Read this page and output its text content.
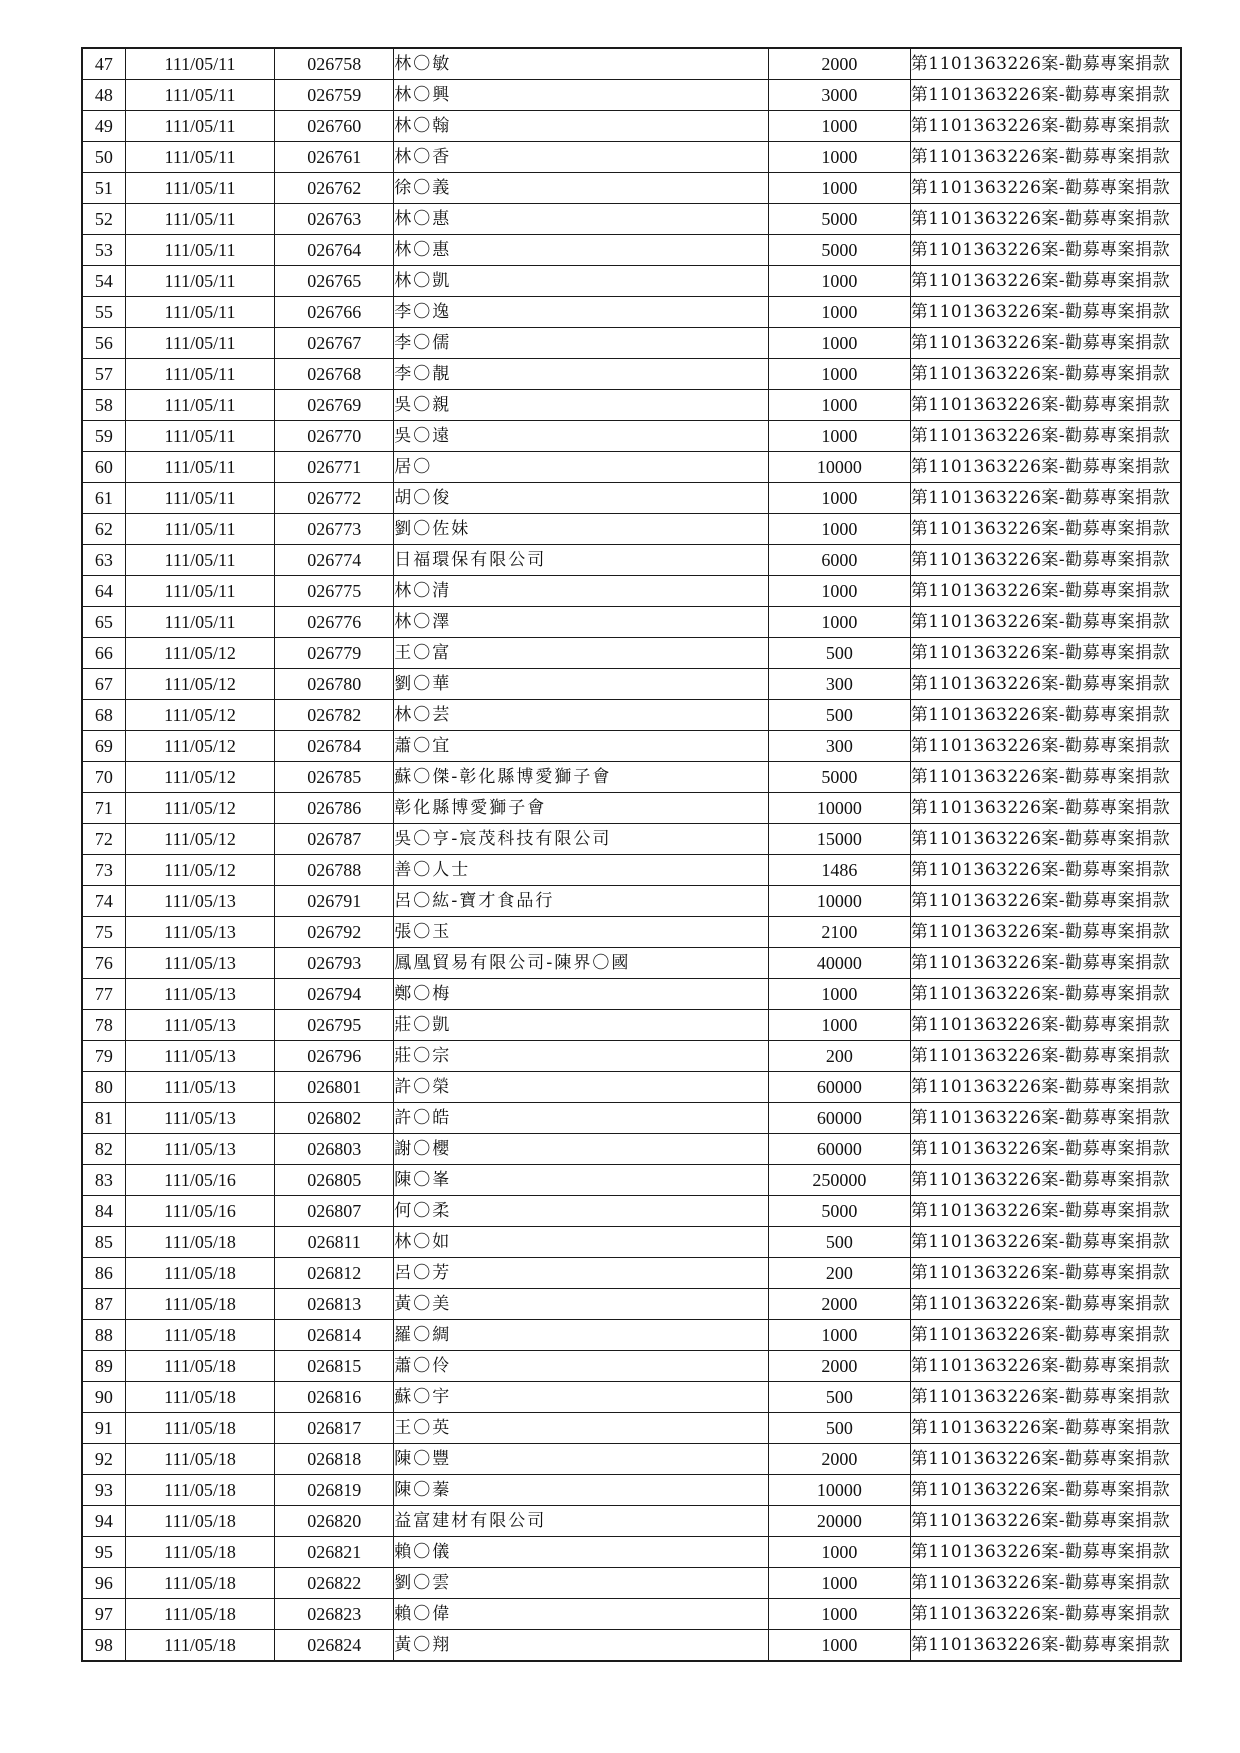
47	111/05/11	026758	林〇敏	2000	第1101363226案-勸募專案捐款
48	111/05/11	026759	林〇興	3000	第1101363226案-勸募專案捐款
49	111/05/11	026760	林〇翰	1000	第1101363226案-勸募專案捐款
50	111/05/11	026761	林〇香	1000	第1101363226案-勸募專案捐款
51	111/05/11	026762	徐〇義	1000	第1101363226案-勸募專案捐款
52	111/05/11	026763	林〇惠	5000	第1101363226案-勸募專案捐款
53	111/05/11	026764	林〇惠	5000	第1101363226案-勸募專案捐款
54	111/05/11	026765	林〇凱	1000	第1101363226案-勸募專案捐款
55	111/05/11	026766	李〇逸	1000	第1101363226案-勸募專案捐款
56	111/05/11	026767	李〇儒	1000	第1101363226案-勸募專案捐款
57	111/05/11	026768	李〇靚	1000	第1101363226案-勸募專案捐款
58	111/05/11	026769	吳〇親	1000	第1101363226案-勸募專案捐款
59	111/05/11	026770	吳〇遠	1000	第1101363226案-勸募專案捐款
60	111/05/11	026771	居〇	10000	第1101363226案-勸募專案捐款
61	111/05/11	026772	胡〇俊	1000	第1101363226案-勸募專案捐款
62	111/05/11	026773	劉〇佐妹	1000	第1101363226案-勸募專案捐款
63	111/05/11	026774	日福環保有限公司	6000	第1101363226案-勸募專案捐款
64	111/05/11	026775	林〇清	1000	第1101363226案-勸募專案捐款
65	111/05/11	026776	林〇澤	1000	第1101363226案-勸募專案捐款
66	111/05/12	026779	王〇富	500	第1101363226案-勸募專案捐款
67	111/05/12	026780	劉〇華	300	第1101363226案-勸募專案捐款
68	111/05/12	026782	林〇芸	500	第1101363226案-勸募專案捐款
69	111/05/12	026784	蕭〇宜	300	第1101363226案-勸募專案捐款
70	111/05/12	026785	蘇〇傑-彰化縣博愛獅子會	5000	第1101363226案-勸募專案捐款
71	111/05/12	026786	彰化縣博愛獅子會	10000	第1101363226案-勸募專案捐款
72	111/05/12	026787	吳〇亨-宸茂科技有限公司	15000	第1101363226案-勸募專案捐款
73	111/05/12	026788	善〇人士	1486	第1101363226案-勸募專案捐款
74	111/05/13	026791	呂〇紘-寶才食品行	10000	第1101363226案-勸募專案捐款
75	111/05/13	026792	張〇玉	2100	第1101363226案-勸募專案捐款
76	111/05/13	026793	鳳凰貿易有限公司-陳界〇國	40000	第1101363226案-勸募專案捐款
77	111/05/13	026794	鄭〇梅	1000	第1101363226案-勸募專案捐款
78	111/05/13	026795	莊〇凱	1000	第1101363226案-勸募專案捐款
79	111/05/13	026796	莊〇宗	200	第1101363226案-勸募專案捐款
80	111/05/13	026801	許〇榮	60000	第1101363226案-勸募專案捐款
81	111/05/13	026802	許〇皓	60000	第1101363226案-勸募專案捐款
82	111/05/13	026803	謝〇櫻	60000	第1101363226案-勸募專案捐款
83	111/05/16	026805	陳〇峯	250000	第1101363226案-勸募專案捐款
84	111/05/16	026807	何〇柔	5000	第1101363226案-勸募專案捐款
85	111/05/18	026811	林〇如	500	第1101363226案-勸募專案捐款
86	111/05/18	026812	呂〇芳	200	第1101363226案-勸募專案捐款
87	111/05/18	026813	黃〇美	2000	第1101363226案-勸募專案捐款
88	111/05/18	026814	羅〇綢	1000	第1101363226案-勸募專案捐款
89	111/05/18	026815	蕭〇伶	2000	第1101363226案-勸募專案捐款
90	111/05/18	026816	蘇〇宇	500	第1101363226案-勸募專案捐款
91	111/05/18	026817	王〇英	500	第1101363226案-勸募專案捐款
92	111/05/18	026818	陳〇豐	2000	第1101363226案-勸募專案捐款
93	111/05/18	026819	陳〇蓁	10000	第1101363226案-勸募專案捐款
94	111/05/18	026820	益富建材有限公司	20000	第1101363226案-勸募專案捐款
95	111/05/18	026821	賴〇儀	1000	第1101363226案-勸募專案捐款
96	111/05/18	026822	劉〇雲	1000	第1101363226案-勸募專案捐款
97	111/05/18	026823	賴〇偉	1000	第1101363226案-勸募專案捐款
98	111/05/18	026824	黃〇翔	1000	第1101363226案-勸募專案捐款
